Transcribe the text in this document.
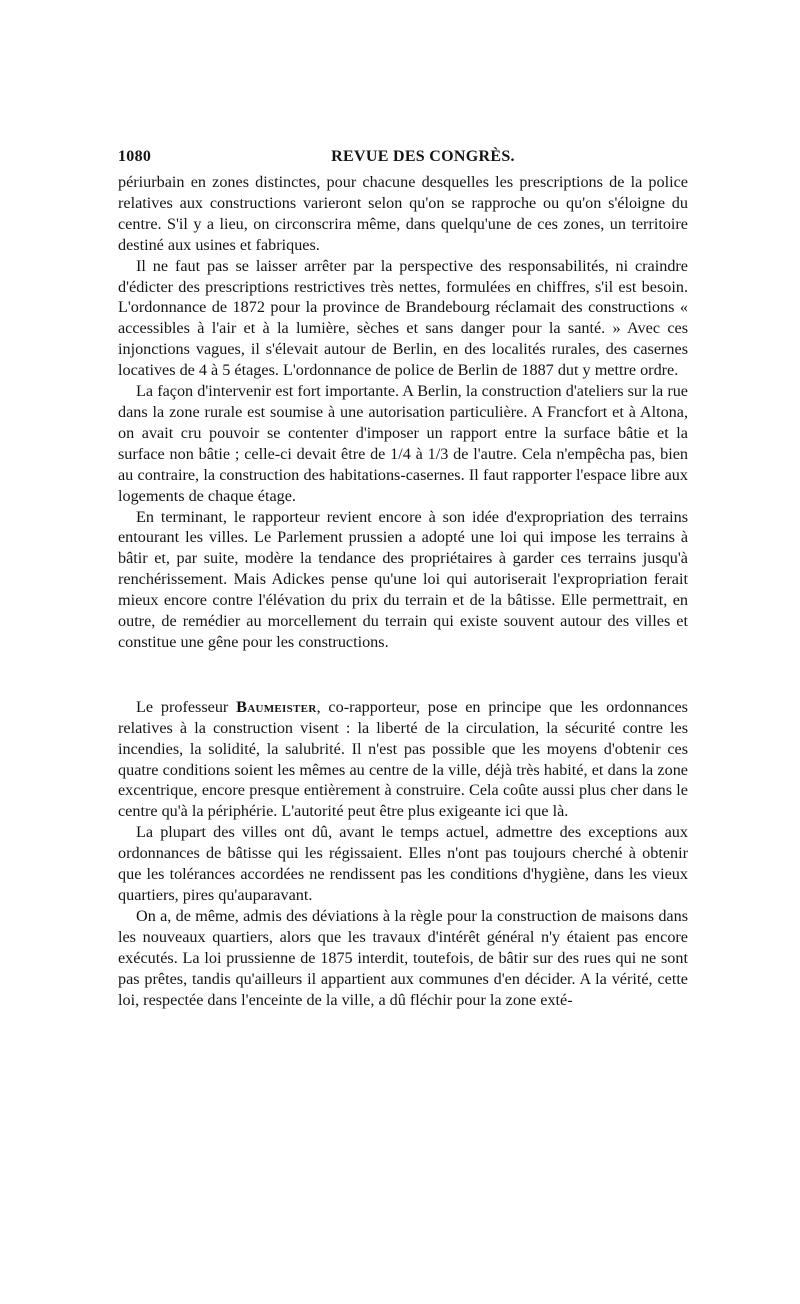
1080	REVUE DES CONGRÈS.

périurbain en zones distinctes, pour chacune desquelles les prescriptions de la police relatives aux constructions varieront selon qu'on se rapproche ou qu'on s'éloigne du centre. S'il y a lieu, on circonscrira même, dans quelqu'une de ces zones, un territoire destiné aux usines et fabriques.

Il ne faut pas se laisser arrêter par la perspective des responsabilités, ni craindre d'édicter des prescriptions restrictives très nettes, formulées en chiffres, s'il est besoin. L'ordonnance de 1872 pour la province de Brandebourg réclamait des constructions « accessibles à l'air et à la lumière, sèches et sans danger pour la santé. » Avec ces injonctions vagues, il s'élevait autour de Berlin, en des localités rurales, des casernes locatives de 4 à 5 étages. L'ordonnance de police de Berlin de 1887 dut y mettre ordre.

La façon d'intervenir est fort importante. A Berlin, la construction d'ateliers sur la rue dans la zone rurale est soumise à une autorisation particulière. A Francfort et à Altona, on avait cru pouvoir se contenter d'imposer un rapport entre la surface bâtie et la surface non bâtie ; celle-ci devait être de 1/4 à 1/3 de l'autre. Cela n'empêcha pas, bien au contraire, la construction des habitations-casernes. Il faut rapporter l'espace libre aux logements de chaque étage.

En terminant, le rapporteur revient encore à son idée d'expropriation des terrains entourant les villes. Le Parlement prussien a adopté une loi qui impose les terrains à bâtir et, par suite, modère la tendance des propriétaires à garder ces terrains jusqu'à renchérissement. Mais Adickes pense qu'une loi qui autoriserait l'expropriation ferait mieux encore contre l'élévation du prix du terrain et de la bâtisse. Elle permettrait, en outre, de remédier au morcellement du terrain qui existe souvent autour des villes et constitue une gêne pour les constructions.

Le professeur Baumeister, co-rapporteur, pose en principe que les ordonnances relatives à la construction visent : la liberté de la circulation, la sécurité contre les incendies, la solidité, la salubrité. Il n'est pas possible que les moyens d'obtenir ces quatre conditions soient les mêmes au centre de la ville, déjà très habité, et dans la zone excentrique, encore presque entièrement à construire. Cela coûte aussi plus cher dans le centre qu'à la périphérie. L'autorité peut être plus exigeante ici que là.

La plupart des villes ont dû, avant le temps actuel, admettre des exceptions aux ordonnances de bâtisse qui les régissaient. Elles n'ont pas toujours cherché à obtenir que les tolérances accordées ne rendissent pas les conditions d'hygiène, dans les vieux quartiers, pires qu'auparavant.

On a, de même, admis des déviations à la règle pour la construction de maisons dans les nouveaux quartiers, alors que les travaux d'intérêt général n'y étaient pas encore exécutés. La loi prussienne de 1875 interdit, toutefois, de bâtir sur des rues qui ne sont pas prêtes, tandis qu'ailleurs il appartient aux communes d'en décider. A la vérité, cette loi, respectée dans l'enceinte de la ville, a dû fléchir pour la zone exté-
